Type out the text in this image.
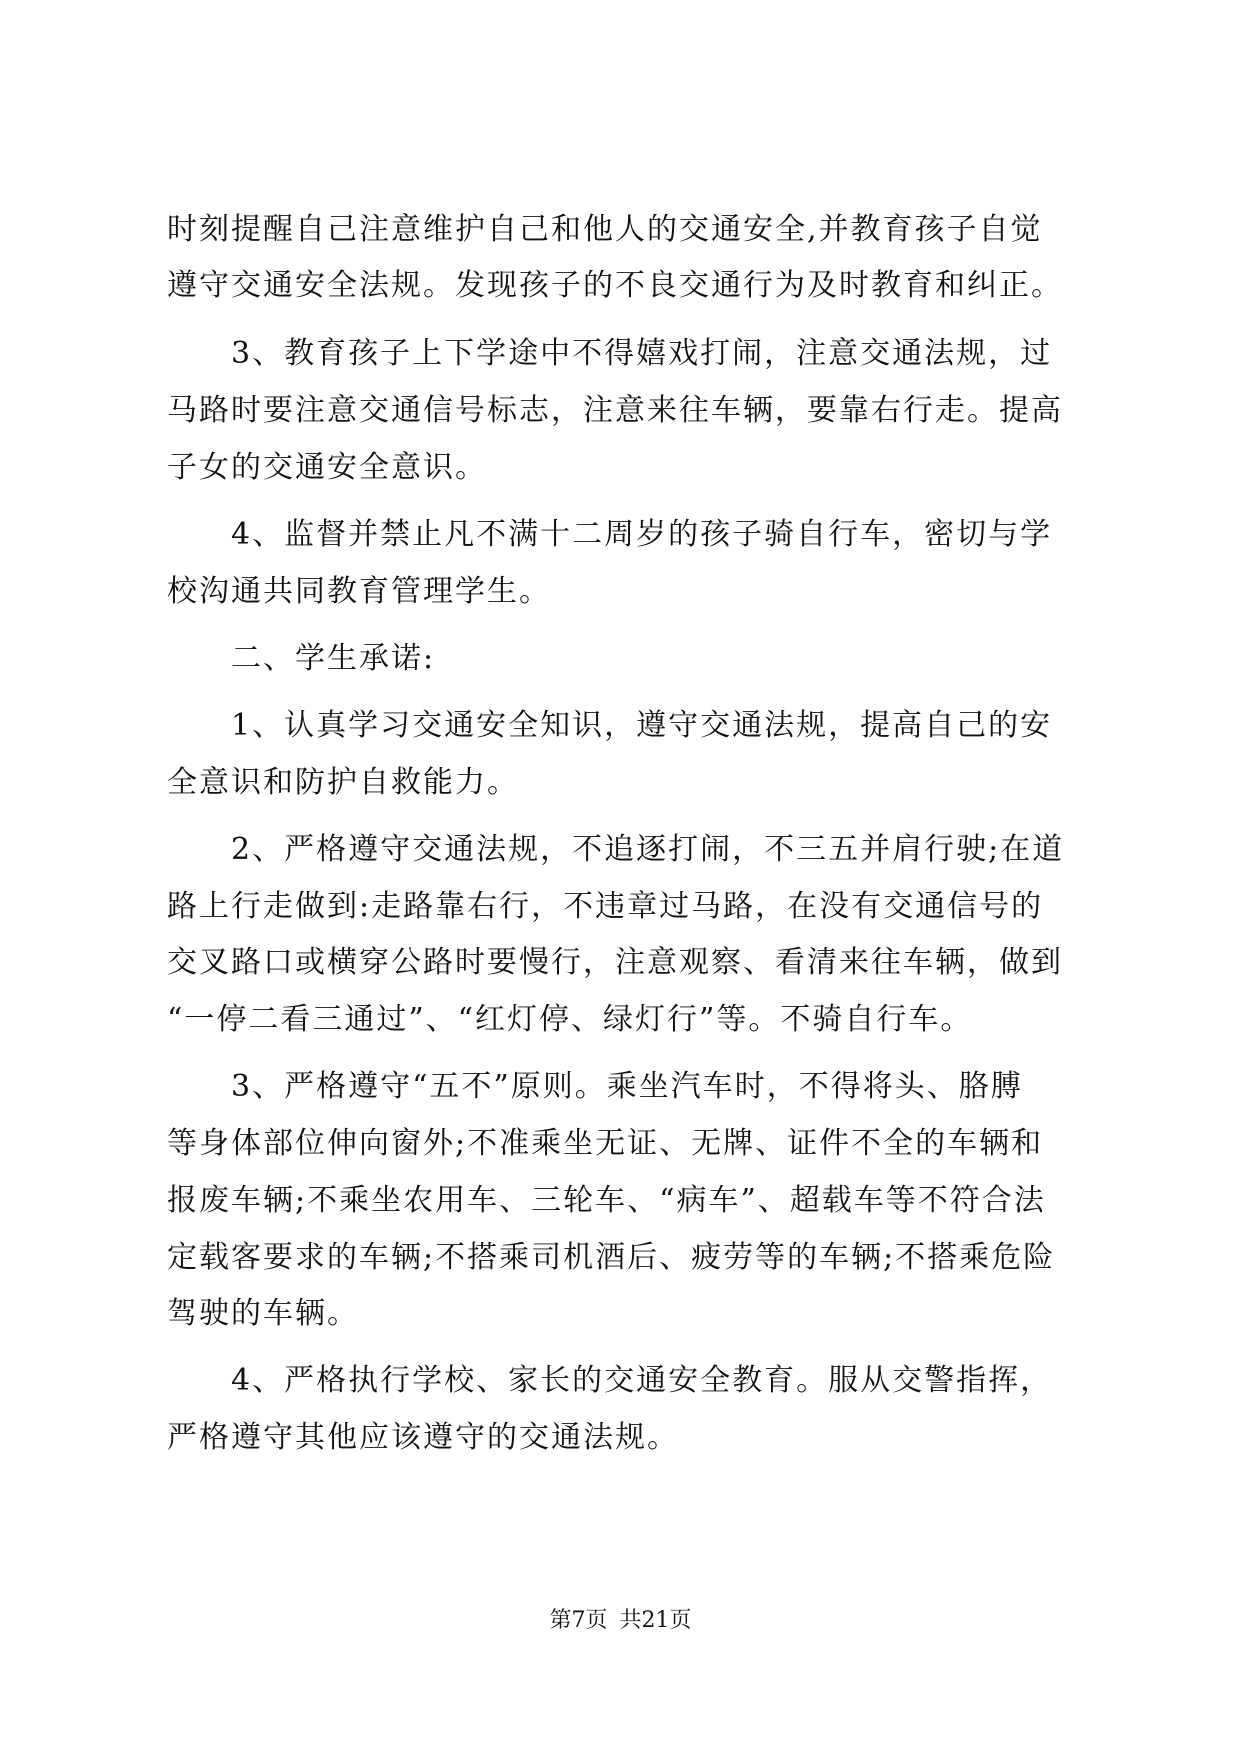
时刻提醒自己注意维护自己和他人的交通安全,并教育孩子自觉
遵守交通安全法规。发现孩子的不良交通行为及时教育和纠正。
　　3、教育孩子上下学途中不得嬉戏打闹，注意交通法规，过
马路时要注意交通信号标志，注意来往车辆，要靠右行走。提高
子女的交通安全意识。
　　4、监督并禁止凡不满十二周岁的孩子骑自行车，密切与学
校沟通共同教育管理学生。
　　二、学生承诺:
　　1、认真学习交通安全知识，遵守交通法规，提高自己的安
全意识和防护自救能力。
　　2、严格遵守交通法规，不追逐打闹，不三五并肩行驶;在道
路上行走做到:走路靠右行，不违章过马路，在没有交通信号的
交叉路口或横穿公路时要慢行，注意观察、看清来往车辆，做到
“一停二看三通过”、“红灯停、绿灯行”等。不骑自行车。
　　3、严格遵守“五不”原则。乘坐汽车时，不得将头、胳膊
等身体部位伸向窗外;不准乘坐无证、无牌、证件不全的车辆和
报废车辆;不乘坐农用车、三轮车、“病车”、超载车等不符合法
定载客要求的车辆;不搭乘司机酒后、疲劳等的车辆;不搭乘危险
驾驶的车辆。
　　4、严格执行学校、家长的交通安全教育。服从交警指挥，
严格遵守其他应该遵守的交通法规。
第7页 共21页
